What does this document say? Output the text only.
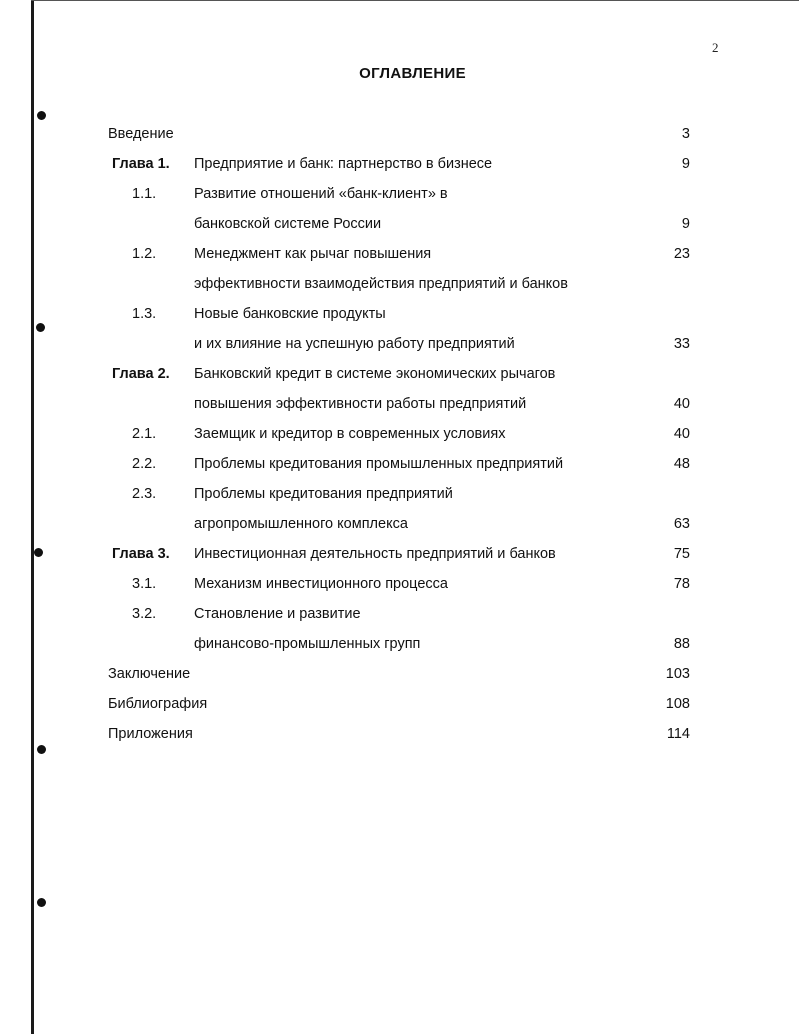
2
ОГЛАВЛЕНИЕ
Введение	3
Глава 1. Предприятие и банк: партнерство в бизнесе	9
1.1.	Развитие отношений «банк-клиент» в
банковской системе России	9
1.2.	Менеджмент как рычаг повышения	23
эффективности взаимодействия предприятий и банков
1.3.	Новые банковские продукты
и их влияние на успешную работу предприятий	33
Глава 2. Банковский кредит в системе экономических рычагов
повышения эффективности работы предприятий	40
2.1.	Заемщик и кредитор в современных условиях	40
2.2.	Проблемы кредитования промышленных предприятий	48
2.3.	Проблемы кредитования предприятий
агропромышленного комплекса	63
Глава 3. Инвестиционная деятельность предприятий и банков	75
3.1.	Механизм инвестиционного процесса	78
3.2.	Становление и развитие
финансово-промышленных групп	88
Заключение	103
Библиография	108
Приложения	114
